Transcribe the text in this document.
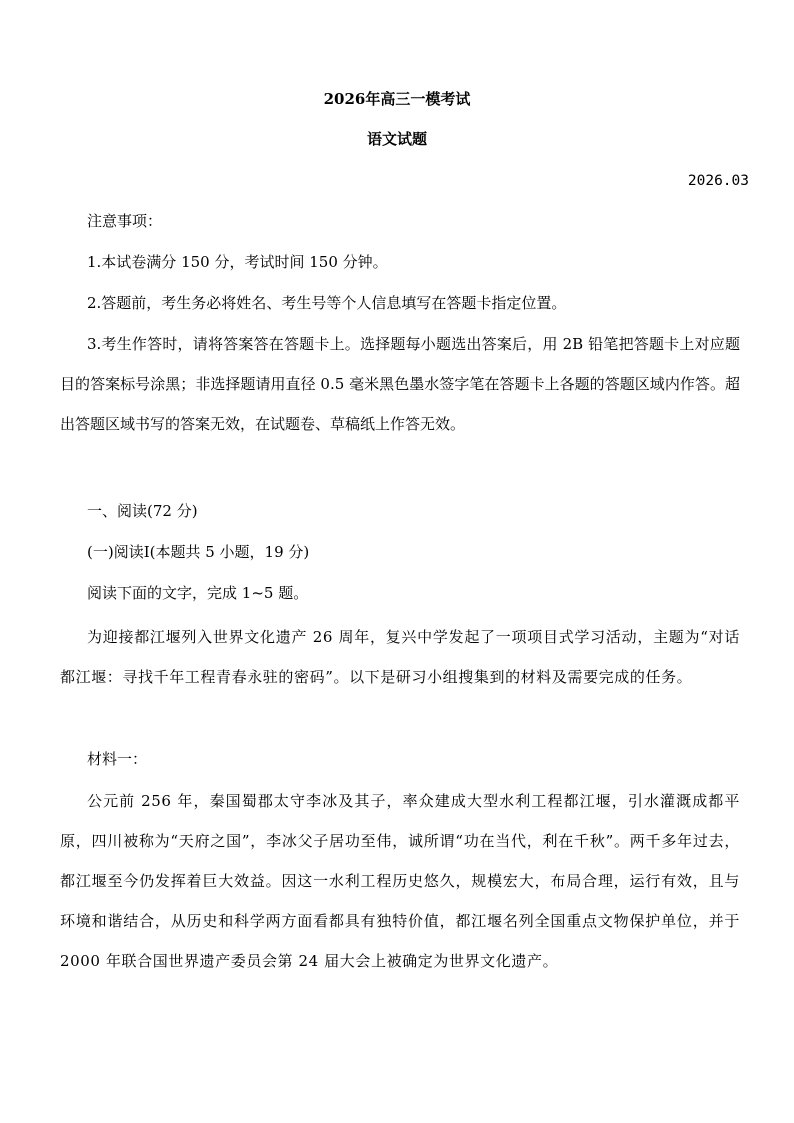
2026年高三一模考试
语文试题
2026.03
注意事项：
1.本试卷满分 150 分，考试时间 150 分钟。
2.答题前，考生务必将姓名、考生号等个人信息填写在答题卡指定位置。

3.考生作答时，请将答案答在答题卡上。选择题每小题选出答案后，用 2B 铅笔把答题卡上对应题目的答案标号涂黑；非选择题请用直径 0.5 毫米黑色墨水签字笔在答题卡上各题的答题区域内作答。超出答题区域书写的答案无效，在试题卷、草稿纸上作答无效。

一、阅读(72 分)
(一)阅读Ⅰ(本题共 5 小题，19 分)
阅读下面的文字，完成 1~5 题。

为迎接都江堰列入世界文化遗产 26 周年，复兴中学发起了一项项目式学习活动，主题为“对话都江堰：寻找千年工程青春永驻的密码”。以下是研习小组搜集到的材料及需要完成的任务。

材料一：

公元前 256 年，秦国蜀郡太守李冰及其子，率众建成大型水利工程都江堰，引水灌溉成都平原，四川被称为“天府之国”，李冰父子居功至伟，诚所谓“功在当代，利在千秋”。两千多年过去，都江堰至今仍发挥着巨大效益。因这一水利工程历史悠久，规模宏大，布局合理，运行有效，且与环境和谐结合，从历史和科学两方面看都具有独特价值，都江堰名列全国重点文物保护单位，并于 2000 年联合国世界遗产委员会第 24 届大会上被确定为世界文化遗产。
